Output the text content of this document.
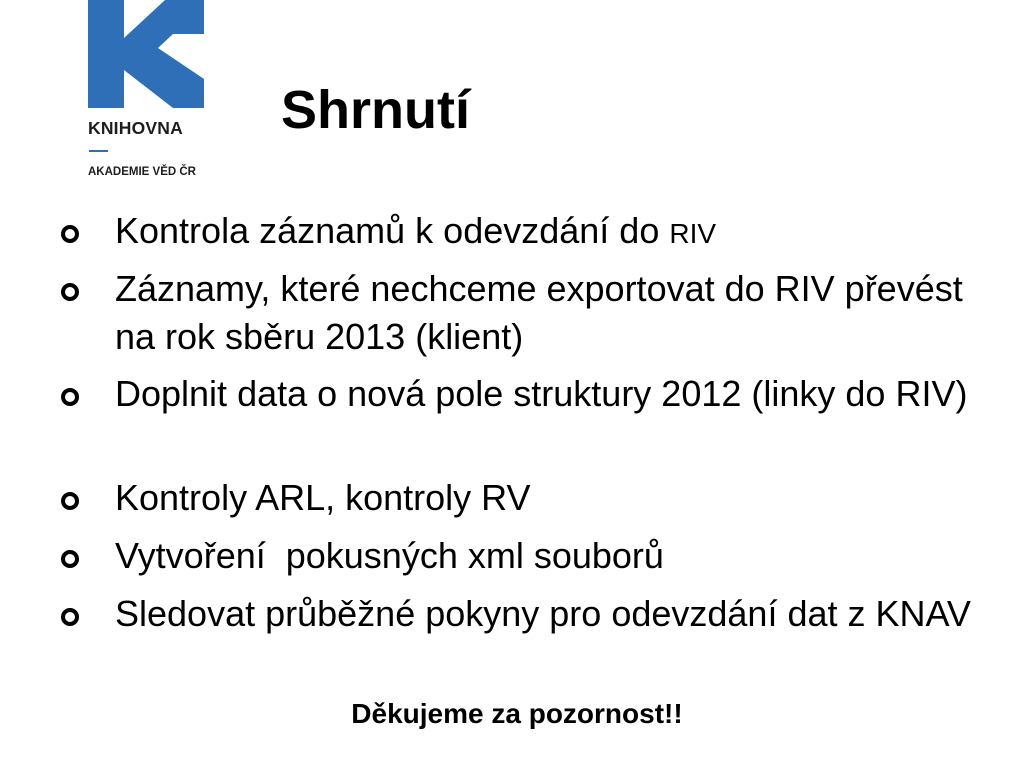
KNIHOVNA
AKADEMIE VĚD ČR
Shrnutí
Kontrola záznamů k odevzdání do RIV
Záznamy, které nechceme exportovat do RIV převést na rok sběru 2013 (klient)
Doplnit data o nová pole struktury 2012 (linky do RIV)
Kontroly ARL, kontroly RV
Vytvoření  pokusných xml souborů
Sledovat průběžné pokyny pro odevzdání dat z KNAV
Děkujeme za pozornost!!
